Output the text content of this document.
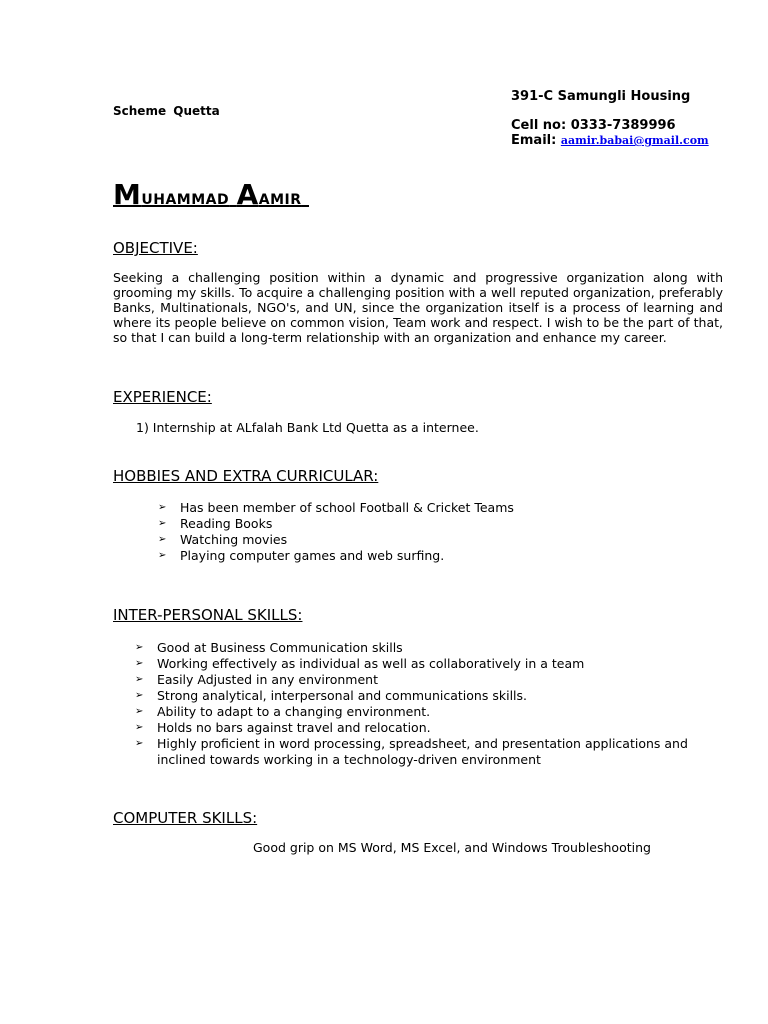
391-C Samungli Housing
Scheme Quetta
Cell no: 0333-7389996
Email: aamir.babai@gmail.com
Muhammad Aamir
OBJECTIVE:
Seeking a challenging position within a dynamic and progressive organization along with grooming my skills. To acquire a challenging position with a well reputed organization, preferably Banks, Multinationals, NGO's, and UN, since the organization itself is a process of learning and where its people believe on common vision, Team work and respect. I wish to be the part of that, so that I can build a long-term relationship with an organization and enhance my career.
EXPERIENCE:
1) Internship at ALfalah Bank Ltd Quetta as a internee.
HOBBIES AND EXTRA CURRICULAR:
➢ Has been member of school Football & Cricket Teams
➢ Reading Books
➢ Watching movies
➢ Playing computer games and web surfing.
INTER-PERSONAL SKILLS:
➢ Good at Business Communication skills
➢ Working effectively as individual as well as collaboratively in a team
➢ Easily Adjusted in any environment
➢ Strong analytical, interpersonal and communications skills.
➢ Ability to adapt to a changing environment.
➢ Holds no bars against travel and relocation.
➢ Highly proficient in word processing, spreadsheet, and presentation applications and inclined towards working in a technology-driven environment
COMPUTER SKILLS:
Good grip on MS Word, MS Excel, and Windows Troubleshooting
